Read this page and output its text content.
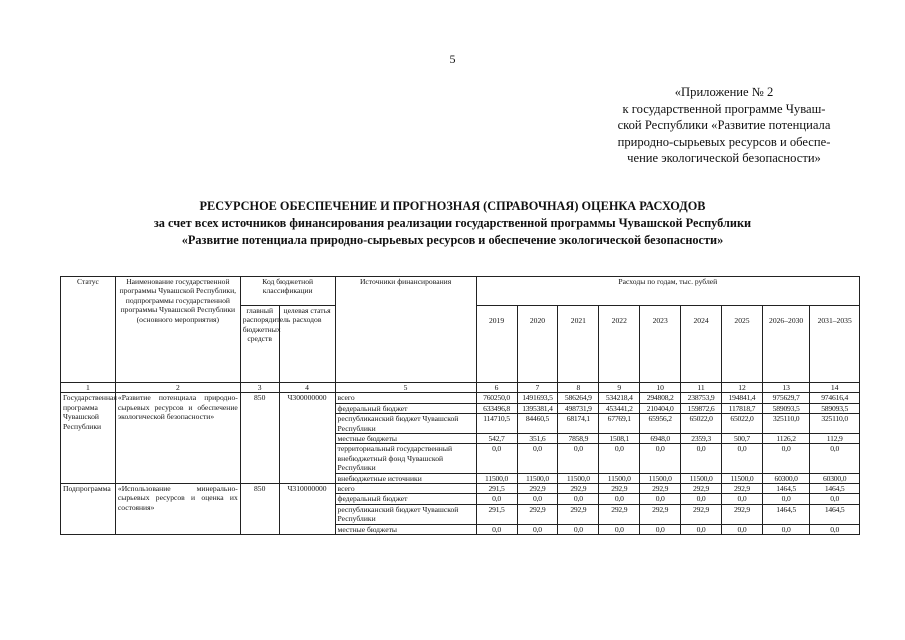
5
«Приложение № 2
к государственной программе Чуваш-
ской Республики «Развитие потенциала
природно-сырьевых ресурсов и обеспе-
чение экологической безопасности»
РЕСУРСНОЕ ОБЕСПЕЧЕНИЕ И ПРОГНОЗНАЯ (СПРАВОЧНАЯ) ОЦЕНКА РАСХОДОВ
за счет всех источников финансирования реализации государственной программы Чувашской Республики
«Развитие потенциала природно-сырьевых ресурсов и обеспечение экологической безопасности»
Статус	Наименование государственной программы Чувашской Республики, подпрограммы государственной программы Чувашской Республики (основного мероприятия)	Код бюджетной классификации		Источники финансирования	Расходы по годам, тыс. рублей								
		главный распорядитель бюджетных средств	целевая статья расходов		2019	2020	2021	2022	2023	2024	2025	2026–2030	2031–2035

1	2	3	4	5	6	7	8	9	10	11	12	13	14
Государственная программа Чувашской Республики	«Развитие потенциала природно-сырьевых ресурсов и обеспечение экологической безопасности»	850	Ч300000000	всего	760250,0	1491693,5	586264,9	534218,4	294808,2	238753,9	194841,4	975629,7	974616,4
				федеральный бюджет	633496,8	1395381,4	498731,9	453441,2	210404,0	159872,6	117818,7	589093,5	589093,5
				республиканский бюджет Чувашской Республики	114710,5	84460,5	68174,1	67769,1	65956,2	65022,0	65022,0	325110,0	325110,0
				местные бюджеты	542,7	351,6	7858,9	1508,1	6948,0	2359,3	500,7	1126,2	112,9
				территориальный государственный внебюджетный фонд Чувашской Республики	0,0	0,0	0,0	0,0	0,0	0,0	0,0	0,0	0,0
				внебюджетные источники	11500,0	11500,0	11500,0	11500,0	11500,0	11500,0	11500,0	60300,0	60300,0
Подпрограмма	«Использование минерально-сырьевых ресурсов и оценка их состояния»	850	Ч310000000	всего	291,5	292,9	292,9	292,9	292,9	292,9	292,9	1464,5	1464,5
				федеральный бюджет	0,0	0,0	0,0	0,0	0,0	0,0	0,0	0,0	0,0
				республиканский бюджет Чувашской Республики	291,5	292,9	292,9	292,9	292,9	292,9	292,9	1464,5	1464,5
				местные бюджеты	0,0	0,0	0,0	0,0	0,0	0,0	0,0	0,0	0,0
